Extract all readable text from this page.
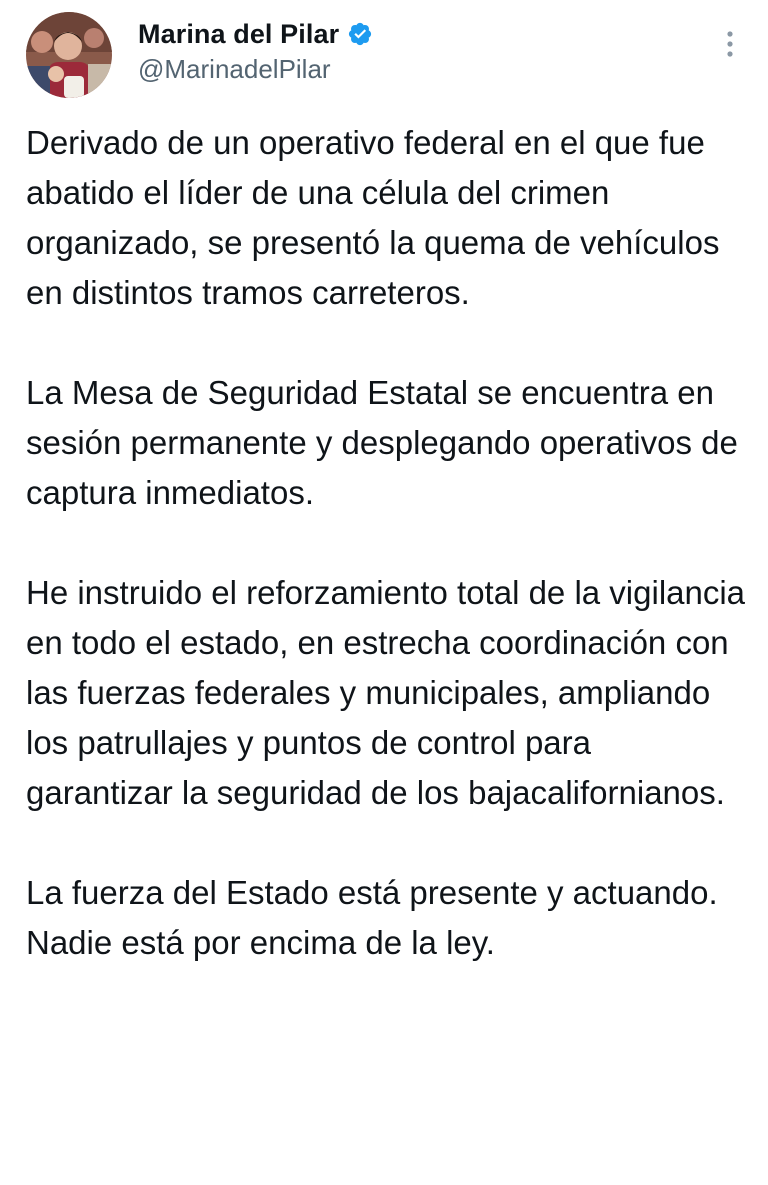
Marina del Pilar
@MarinadelPilar

Derivado de un operativo federal en el que fue abatido el líder de una célula del crimen organizado, se presentó la quema de vehículos en distintos tramos carreteros.

La Mesa de Seguridad Estatal se encuentra en sesión permanente y desplegando operativos de captura inmediatos.

He instruido el reforzamiento total de la vigilancia en todo el estado, en estrecha coordinación con las fuerzas federales y municipales, ampliando los patrullajes y puntos de control para garantizar la seguridad de los bajacalifornianos.

La fuerza del Estado está presente y actuando. Nadie está por encima de la ley.
